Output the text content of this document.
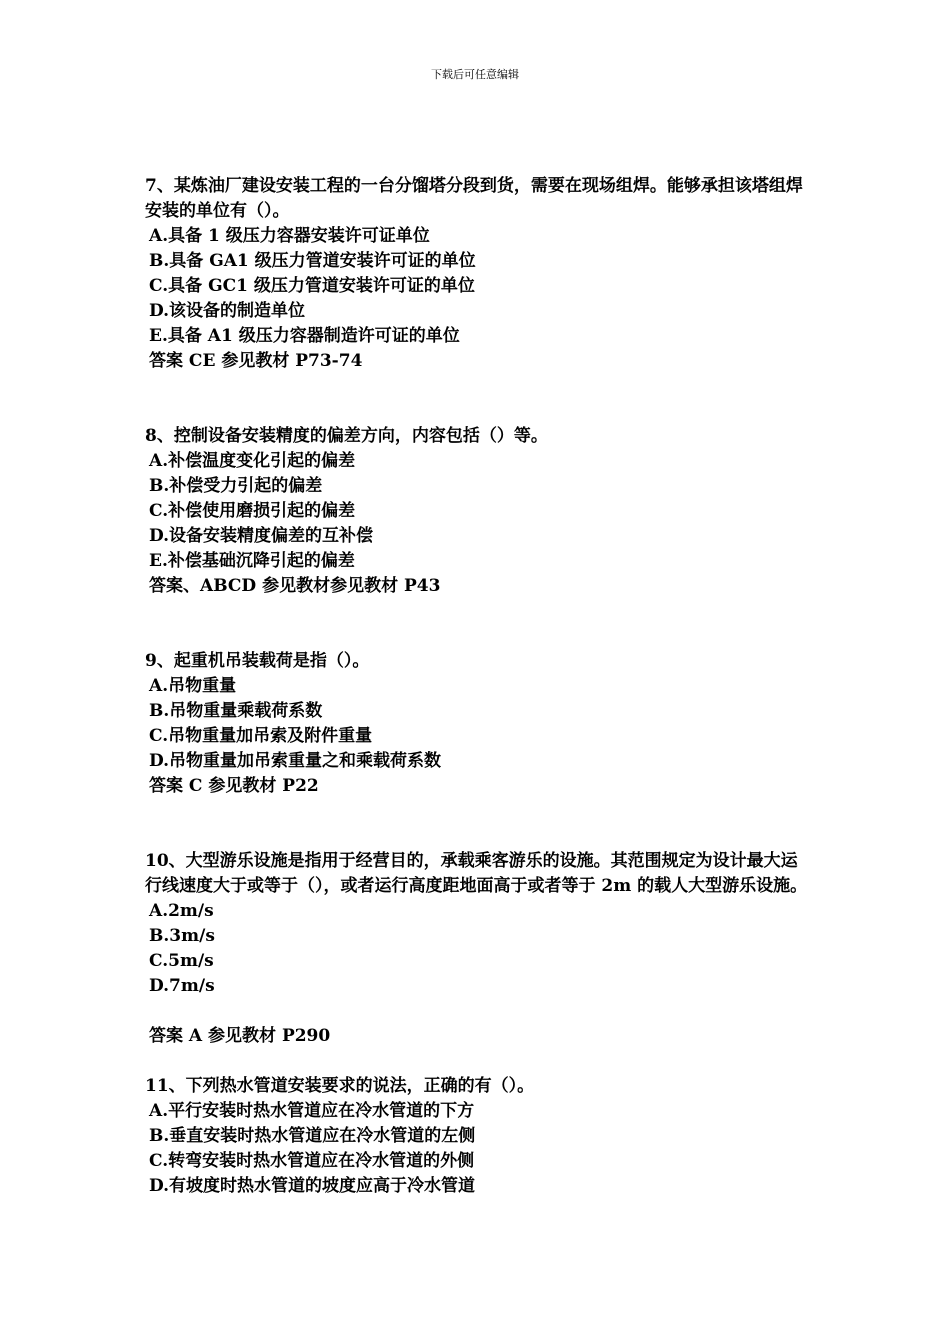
下载后可任意编辑

7、某炼油厂建设安装工程的一台分馏塔分段到货，需要在现场组焊。能够承担该塔组焊安装的单位有（）。

A.具备 1 级压力容器安装许可证单位

B.具备 GA1 级压力管道安装许可证的单位

C.具备 GC1 级压力管道安装许可证的单位

D.该设备的制造单位

E.具备 A1 级压力容器制造许可证的单位

答案 CE 参见教材 P73-74

8、控制设备安装精度的偏差方向，内容包括（）等。

A.补偿温度变化引起的偏差

B.补偿受力引起的偏差

C.补偿使用磨损引起的偏差

D.设备安装精度偏差的互补偿

E.补偿基础沉降引起的偏差

答案、ABCD 参见教材参见教材 P43

9、起重机吊装载荷是指（）。

A.吊物重量

B.吊物重量乘载荷系数

C.吊物重量加吊索及附件重量

D.吊物重量加吊索重量之和乘载荷系数

答案 C 参见教材 P22

10、大型游乐设施是指用于经营目的，承载乘客游乐的设施。其范围规定为设计最大运行线速度大于或等于（），或者运行高度距地面高于或者等于 2m 的载人大型游乐设施。

A.2m/s

B.3m/s

C.5m/s

D.7m/s

答案 A 参见教材 P290

11、下列热水管道安装要求的说法，正确的有（）。

A.平行安装时热水管道应在冷水管道的下方

B.垂直安装时热水管道应在冷水管道的左侧

C.转弯安装时热水管道应在冷水管道的外侧

D.有坡度时热水管道的坡度应高于冷水管道
